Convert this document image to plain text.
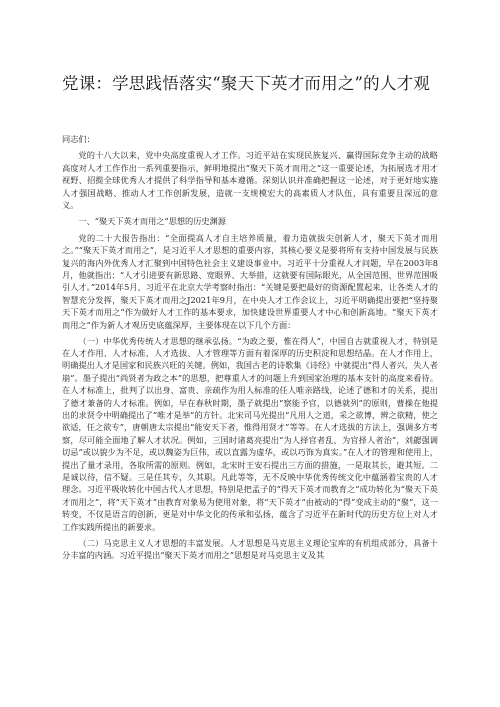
党课：学思践悟落实“聚天下英才而用之”的人才观

同志们：

党的十八大以来，党中央高度重视人才工作。习近平站在实现民族复兴、赢得国际竞争主动的战略高度对人才工作作出一系列重要指示，鲜明地提出“聚天下英才而用之”这一重要论述，为拓展选才用才视野、招揽全球优秀人才提供了科学指导和基本遵循。深刻认识并准确把握这一论述，对于更好地实施人才强国战略、推动人才工作创新发展，造就一支规模宏大的高素质人才队伍，具有重要且深远的意义。

一、“聚天下英才而用之”思想的历史渊源

党的二十大报告指出：“全面提高人才自主培养质量，着力造就拔尖创新人才，聚天下英才而用之。”“聚天下英才而用之”，是习近平人才思想的重要内容，其核心要义是要将所有支持中国发展与民族复兴的海内外优秀人才汇聚到中国特色社会主义建设事业中。习近平十分重视人才问题，早在2003年8月，他就指出：“人才引进要有新思路、宽眼界、大举措，这就要有国际眼光，从全国范围、世界范围吸引人才。”2014年5月，习近平在北京大学考察时指出：“关键是要把最好的资源配置起来，让各类人才的智慧充分发挥，聚天下英才而用之J2021年9月，在中央人才工作会议上，习近平明确提出要把“坚持聚天下英才而用之”作为做好人才工作的基本要求，加快建设世界重要人才中心和创新高地。“聚天下英才而用之”作为新人才观历史底蕴深厚，主要体现在以下几个方面：

（一）中华优秀传统人才思想的继承弘扬。“为政之要，惟在得人”，中国自古就重视人才，特别是在人才作用、人才标准、人才选拔、人才管理等方面有着深厚的历史积淀和思想结晶。在人才作用上，明确提出人才是国家和民族兴旺的关键。例如，我国古老的诗歌集《诗经》中就提出“得人者兴，失人者崩”。墨子提出“尚贤者为政之本”的思想，把尊重人才的问题上升到国家治理的基本支针的高度来看待。在人才标准上，批判了以出身、富贵、亲疏作为用人标准的任人唯亲路线，论述了德和才的关系，提出了德才兼备的人才标准。例如，早在春秋时期，墨子就提出“察能予官，以德就列”的原则，曹操在他提出的求贤令中明确提出了“唯才是举”的方针。北宋司马光提出“凡用人之道，采之欲博，辨之欲精，使之欲适，任之欲专”，唐朝唐太宗提出“能安天下者，惟得用贤才”等等。在人才选拔的方法上，强调多方考察，尽可能全面地了解人才状况。例如，三国时诸葛亮提出“为人择官者乱，为官择人者治”，刘勰强调切忌“或以貌少为不足，或以魏姿为巨伟，或以直露为虚华，或以巧饰为真实。”在人才的管理和使用上，提出了量才录用，各取所需的原则。例如，北宋时王安石提出三方面的措施，一是取其长，避其短。二是诚以待，信不疑。三是任其专，久其职。凡此等等，无不反映中华优秀传统文化中蕴涵着宝贵的人才理念。习近平吸收转化中国古代人才思想，特别是把孟子的“得天下英才而教育之”成功转化为“聚天下英才而用之”，将“天下英才”由教育对象易为使用对象，将“天下英才”由被动的“得”变成主动的“聚”，这一转变，不仅是语言的创新，更是对中华文化的传承和弘扬，蕴含了习近平在新时代的历史方位上对人才工作实践所提出的新要求。

（二）马克思主义人才思想的丰富发展。人才思想是马克思主义理论宝库的有机组成部分，具备十分丰富的内涵。习近平提出“聚天下英才而用之”思想是对马克思主义及其
